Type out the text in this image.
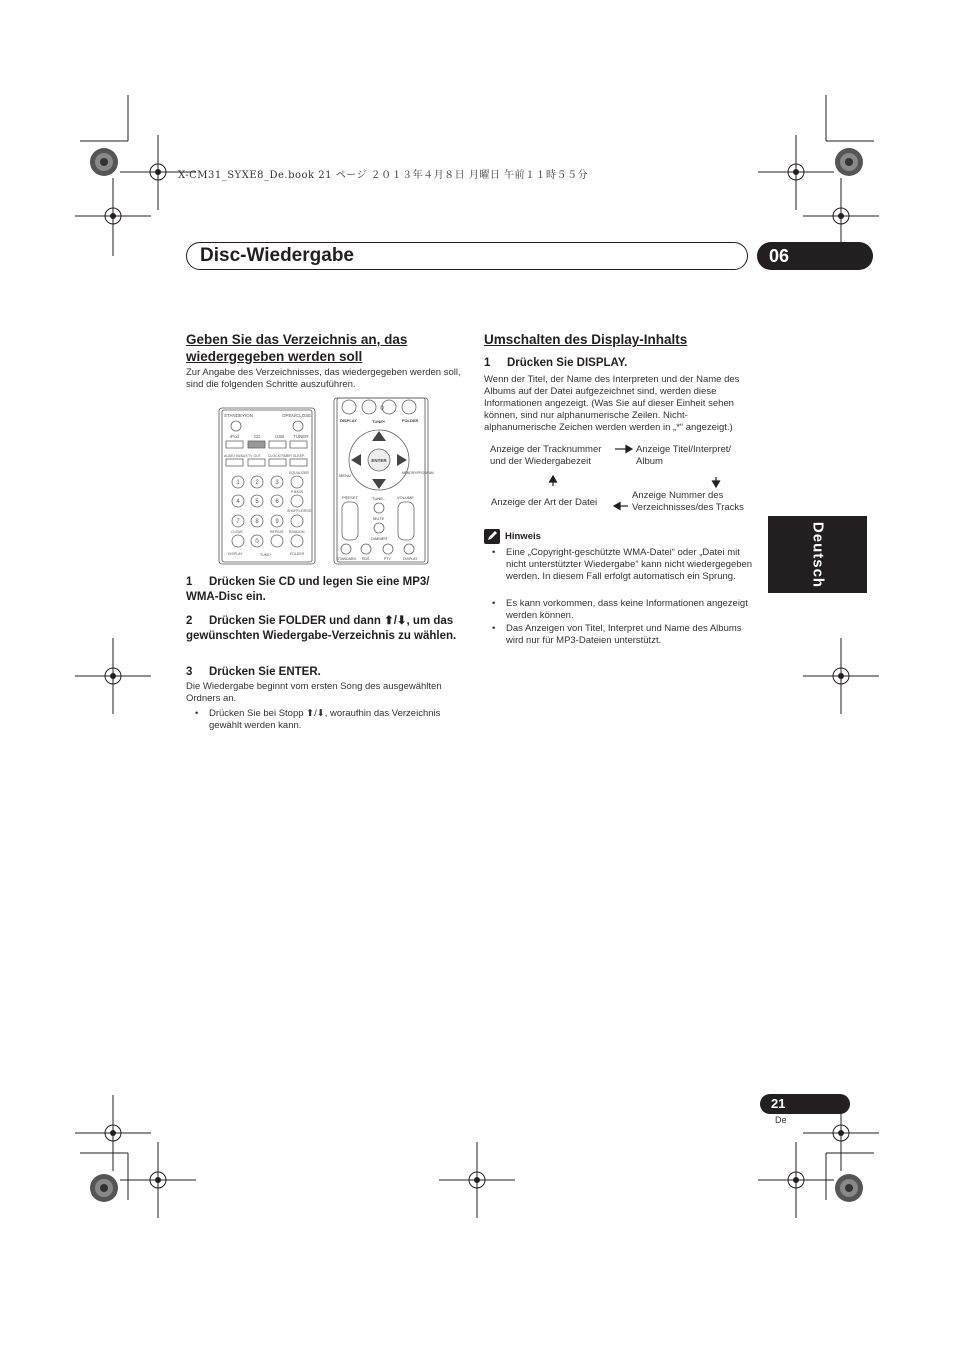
X-CM31_SYXE8_De.book 21 ページ ２０１３年４月８日 月曜日 午前１１時５５分
Disc-Wiedergabe	06
Deutsch
Geben Sie das Verzeichnis an, das wiedergegeben werden soll
Zur Angabe des Verzeichnisses, das wiedergegeben werden soll, sind die folgenden Schritte auszuführen.
STANDBY/ON	OPEN/CLOSE
iPod	CD	USB TUNER
AUDIO IN/AUX TV OUT CLOCK/TIMER SLEEP
EQUALIZER
P.BASS
SHUFFLE/RDS
CLEAR	REPEAT RANDOM
DISPLAY	TUNE+	FOLDER
1	2	3
4	5	6
7	8	9
0
0
DISPLAY	TUNE+	FOLDER
ENTER
MENU	MEMORY/PROGRAM
TUNE–
PRESET	VOLUME
MUTE
DIMMER
STANDARD RDS	PTY	DISPLAY
1 Drücken Sie CD und legen Sie eine MP3/ WMA-Disc ein.
2 Drücken Sie FOLDER und dann ⬆/⬇, um das gewünschten Wiedergabe-Verzeichnis zu wählen.
3 Drücken Sie ENTER.
Die Wiedergabe beginnt vom ersten Song des ausgewählten Ordners an.
• Drücken Sie bei Stopp ⬆/⬇, woraufhin das Verzeichnis gewählt werden kann.
Umschalten des Display-Inhalts
1 Drücken Sie DISPLAY.
Wenn der Titel, der Name des Interpreten und der Name des Albums auf der Datei aufgezeichnet sind, werden diese Informationen angezeigt. (Was Sie auf dieser Einheit sehen können, sind nur alphanumerische Zeilen. Nicht-alphanumerische Zeichen werden werden in „*“ angezeigt.)
Anzeige der Tracknummer und der Wiedergabezeit
Anzeige Titel/Interpret/ Album
Anzeige der Art der Datei
Anzeige Nummer des Verzeichnisses/des Tracks
Hinweis
• Eine „Copyright-geschützte WMA-Datei“ oder „Datei mit nicht unterstützter Wiedergabe“ kann nicht wiedergegeben werden. In diesem Fall erfolgt automatisch ein Sprung.
• Es kann vorkommen, dass keine Informationen angezeigt werden können.
• Das Anzeigen von Titel, Interpret und Name des Albums wird nur für MP3-Dateien unterstützt.
21
De
